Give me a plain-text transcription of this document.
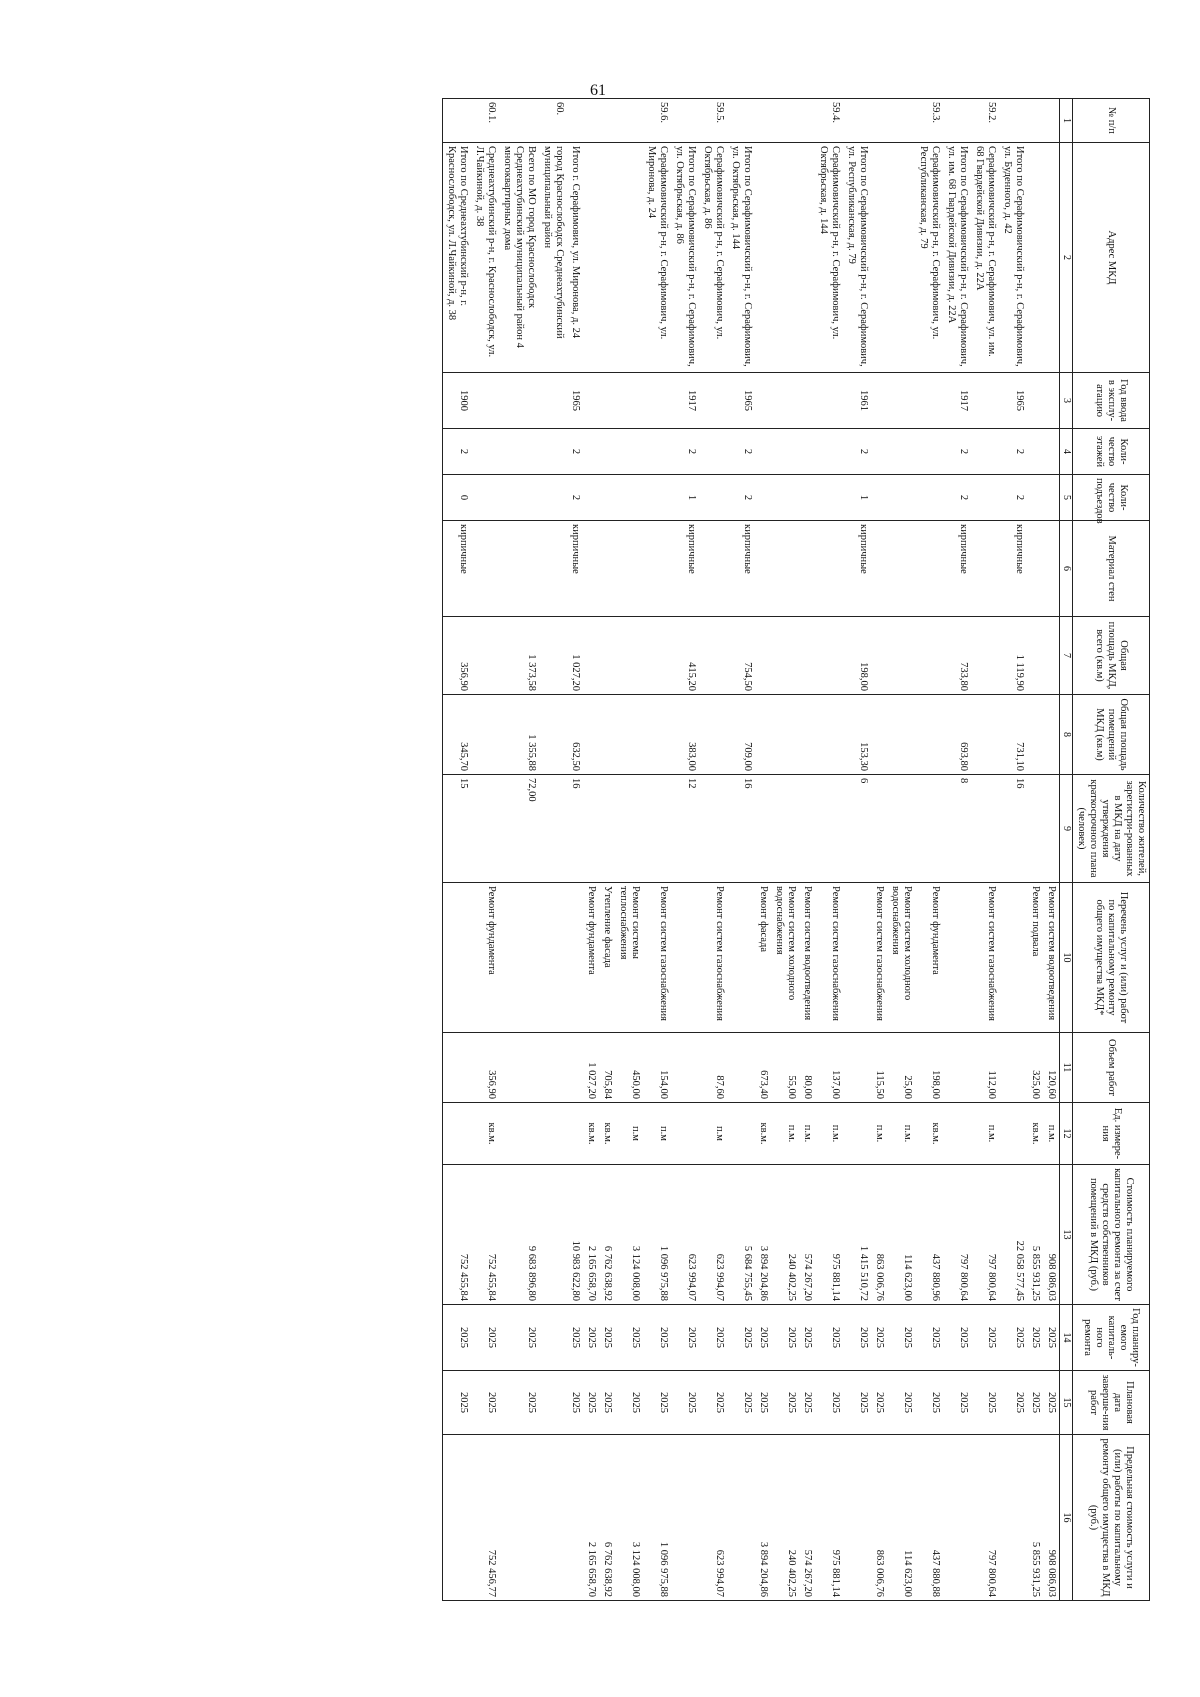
61
№ п/п	Адрес МКД	Год ввода в эксплу-атацию	Коли-чество этажей	Коли-чество подъездов	Материал стен	Общая площадь МКД, всего (кв.м)	Общая площадь помещений МКД (кв.м)	Количество жителей, зарегистри-рованных в МКД на дату утверждения краткосрочного плана (человек)	Перечень услуг и (или) работ по капитальному ремонту общего имущества МКД*	Объем работ	Ед. измере-ния	Стоимость планируемого капитального ремонта за счет средств собственников помещений в МКД (руб.)	Год планиру-емого капиталь-ного ремонта	Плановая дата заверше-ния работ	Предельная стоимость услуги и (или) работы по капитальному ремонту общего имущества в МКД (руб.)
1	2	3	4	5	6	7	8	9	10	11	12	13	14	15	16
									Ремонт систем водоотведения	120,60	п.м.	908 086,03	2025	2025	908 086,03
									Ремонт подвала	325,00	кв.м.	5 855 931,25	2025	2025	5 855 931,25
	Итого по Серафимовичский р-н, г. Серафимович, ул. Буденного, д. 42	1965	2	2	кирпичные	1 119,90	731,10	16				22 058 577,45	2025	2025	
59.2.	Серафимовичский р-н, г. Серафимович, ул. им. 68 Гвардейской Дивизии, д. 22А								Ремонт систем газоснабжения	112,00	п.м.	797 800,64	2025	2025	797 800,64
	Итого по Серафимовичский р-н, г. Серафимович, ул. им. 68 Гвардейской Дивизии, д. 22А	1917	2	2	кирпичные	733,80	693,80	8				797 800,64	2025	2025	
59.3.	Серафимовичский р-н, г. Серафимович, ул. Республиканская, д. 79								Ремонт фундамента	198,00	кв.м.	437 880,96	2025	2025	437 880,88
									Ремонт систем холодного водоснабжения	25,00	п.м.	114 623,00	2025	2025	114 623,00
									Ремонт систем газоснабжения	115,50	п.м.	863 006,76	2025	2025	863 006,76
	Итого по Серафимовичский р-н, г. Серафимович, ул. Республиканская, д. 79	1961	2	1	кирпичные	198,00	153,30	6				1 415 510,72	2025	2025	
59.4.	Серафимовичский р-н, г. Серафимович, ул. Октябрьская, д. 144								Ремонт систем газоснабжения	137,00	п.м.	975 881,14	2025	2025	975 881,14
									Ремонт систем водоотведения	80,00	п.м.	574 267,20	2025	2025	574 267,20
									Ремонт систем холодного водоснабжения	55,00	п.м.	240 402,25	2025	2025	240 402,25
									Ремонт фасада	673,40	кв.м.	3 894 204,86	2025	2025	3 894 204,86
	Итого по Серафимовичский р-н, г. Серафимович, ул. Октябрьская, д. 144	1965	2	2	кирпичные	754,50	709,00	16				5 684 755,45	2025	2025	
59.5.	Серафимовичский р-н, г. Серафимович, ул. Октябрьская, д. 86								Ремонт систем газоснабжения	87,60	п.м	623 994,07	2025	2025	623 994,07
	Итого по Серафимовичский р-н, г. Серафимович, ул. Октябрьская, д. 86	1917	2	1	кирпичные	415,20	383,00	12				623 994,07	2025	2025	
59.6.	Серафимовичский р-н, г. Серафимович, ул. Миронова, д. 24								Ремонт систем газоснабжения	154,00	п.м	1 096 975,88	2025	2025	1 096 975,88
									Ремонт системы теплоснабжения	450,00	п.м	3 124 008,00	2025	2025	3 124 008,00
									Утепление фасада	705,84	кв.м.	6 762 638,92	2025	2025	6 762 638,92
									Ремонт фундамента	1 027,20	кв.м.	2 165 658,70	2025	2025	2 165 658,70
	Итого г. Серафимович, ул. Миронова, д. 24	1965	2	2	кирпичные	1 027,20	632,50	16				10 983 622,80	2025	2025	
60.	город Краснослободск Среднеахтубинский муниципальный район														
	Всего по МО город Краснослободск Среднеахтубинский муниципальный район 4 многоквартирных дома					1 373,58	1 355,88	72,00				9 683 896,80	2025	2025	
60.1.	Среднеахтубинский р-н, г. Краснослободск, ул. Л.Чайкиной, д. 38								Ремонт фундамента	356,90	кв.м.	752 455,84	2025	2025	752 456,77
	Итого по Среднеахтубинский р-н, г. Краснослободск, ул. Л.Чайкиной, д. 38	1900	2	0	кирпичные	356,90	345,70	15				752 455,84	2025	2025	
